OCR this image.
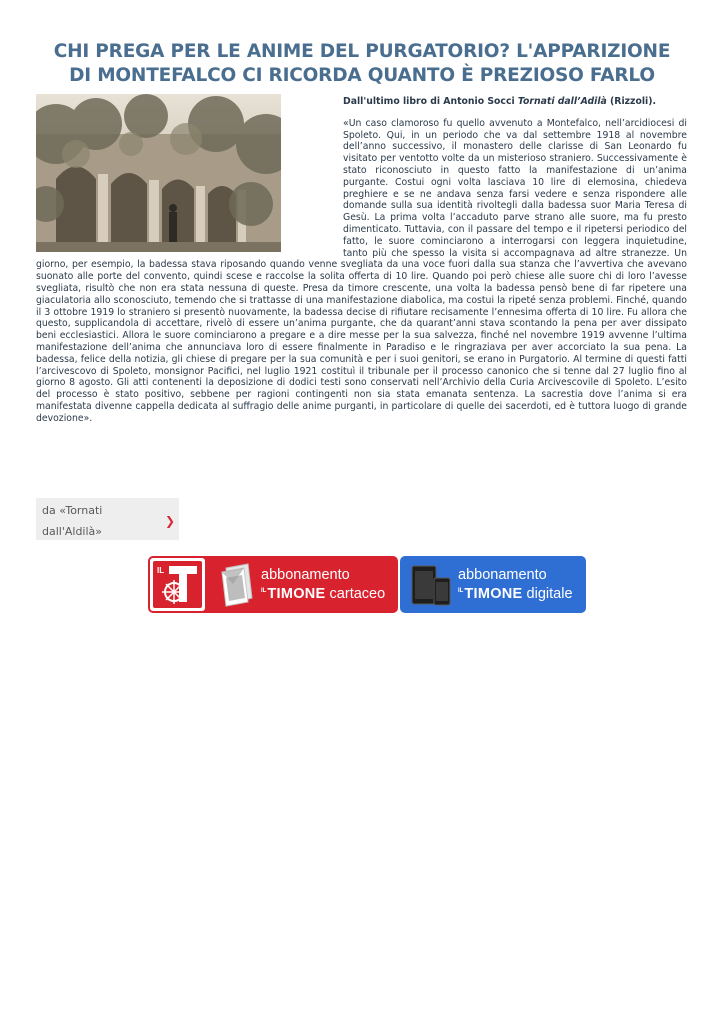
CHI PREGA PER LE ANIME DEL PURGATORIO? L'APPARIZIONE DI MONTEFALCO CI RICORDA QUANTO È PREZIOSO FARLO

Dall'ultimo libro di Antonio Socci Tornati dall’Adilà (Rizzoli).

«Un caso clamoroso fu quello avvenuto a Montefalco, nell’arcidiocesi di Spoleto. Qui, in un periodo che va dal settembre 1918 al novembre dell’anno successivo, il monastero delle clarisse di San Leonardo fu visitato per ventotto volte da un misterioso straniero. Successivamente è stato riconosciuto in questo fatto la manifestazione di un’anima purgante. Costui ogni volta lasciava 10 lire di elemosina, chiedeva preghiere e se ne andava senza farsi vedere e senza rispondere alle domande sulla sua identità rivoltegli dalla badessa suor Maria Teresa di Gesù. La prima volta l’accaduto parve strano alle suore, ma fu presto dimenticato. Tuttavia, con il passare del tempo e il ripetersi periodico del fatto, le suore cominciarono a interrogarsi con leggera inquietudine, tanto più che spesso la visita si accompagnava ad altre stranezze. Un giorno, per esempio, la badessa stava riposando quando venne svegliata da una voce fuori dalla sua stanza che l’avvertiva che avevano suonato alle porte del convento, quindi scese e raccolse la solita offerta di 10 lire. Quando poi però chiese alle suore chi di loro l’avesse svegliata, risultò che non era stata nessuna di queste. Presa da timore crescente, una volta la badessa pensò bene di far ripetere una giaculatoria allo sconosciuto, temendo che si trattasse di una manifestazione diabolica, ma costui la ripeté senza problemi. Finché, quando il 3 ottobre 1919 lo straniero si presentò nuovamente, la badessa decise di rifiutare recisamente l’ennesima offerta di 10 lire. Fu allora che questo, supplicandola di accettare, rivelò di essere un’anima purgante, che da quarant’anni stava scontando la pena per aver dissipato beni ecclesiastici. Allora le suore cominciarono a pregare e a dire messe per la sua salvezza, finché nel novembre 1919 avvenne l’ultima manifestazione dell’anima che annunciava loro di essere finalmente in Paradiso e le ringraziava per aver accorciato la sua pena. La badessa, felice della notizia, gli chiese di pregare per la sua comunità e per i suoi genitori, se erano in Purgatorio. Al termine di questi fatti l’arcivescovo di Spoleto, monsignor Pacifici, nel luglio 1921 costituì il tribunale per il processo canonico che si tenne dal 27 luglio fino al giorno 8 agosto. Gli atti contenenti la deposizione di dodici testi sono conservati nell’Archivio della Curia Arcivescovile di Spoleto. L’esito del processo è stato positivo, sebbene per ragioni contingenti non sia stata emanata sentenza. La sacrestia dove l’anima si era manifestata divenne cappella dedicata al suffragio delle anime purganti, in particolare di quelle dei sacerdoti, ed è tuttora luogo di grande devozione».

da «Tornati dall'Aldilà»
❯
IL	abbonamento
$^{IL}$TIMONE cartaceo
abbonamento
$^{IL}$TIMONE digitale
